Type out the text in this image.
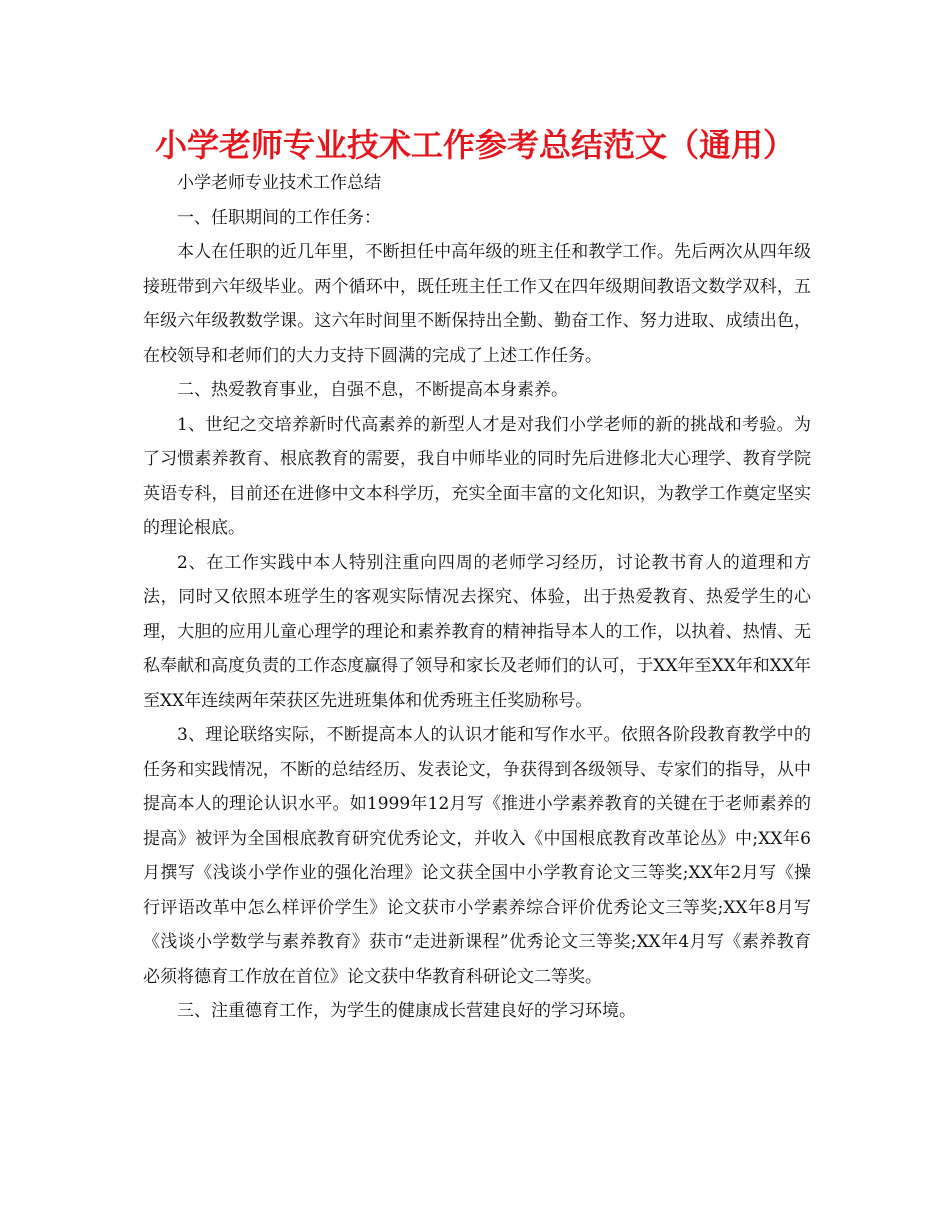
小学老师专业技术工作参考总结范文（通用）

小学老师专业技术工作总结

一、任职期间的工作任务：

本人在任职的近几年里，不断担任中高年级的班主任和教学工作。先后两次从四年级接班带到六年级毕业。两个循环中，既任班主任工作又在四年级期间教语文数学双科，五年级六年级教数学课。这六年时间里不断保持出全勤、勤奋工作、努力进取、成绩出色，在校领导和老师们的大力支持下圆满的完成了上述工作任务。

二、热爱教育事业，自强不息，不断提高本身素养。

1、世纪之交培养新时代高素养的新型人才是对我们小学老师的新的挑战和考验。为了习惯素养教育、根底教育的需要，我自中师毕业的同时先后进修北大心理学、教育学院英语专科，目前还在进修中文本科学历，充实全面丰富的文化知识，为教学工作奠定坚实的理论根底。

2、在工作实践中本人特别注重向四周的老师学习经历，讨论教书育人的道理和方法，同时又依照本班学生的客观实际情况去探究、体验，出于热爱教育、热爱学生的心理，大胆的应用儿童心理学的理论和素养教育的精神指导本人的工作，以执着、热情、无私奉献和高度负责的工作态度赢得了领导和家长及老师们的认可，于XX年至XX年和XX年至XX年连续两年荣获区先进班集体和优秀班主任奖励称号。

3、理论联络实际，不断提高本人的认识才能和写作水平。依照各阶段教育教学中的任务和实践情况，不断的总结经历、发表论文，争获得到各级领导、专家们的指导，从中提高本人的理论认识水平。如1999年12月写《推进小学素养教育的关键在于老师素养的提高》被评为全国根底教育研究优秀论文，并收入《中国根底教育改革论丛》中;XX年6月撰写《浅谈小学作业的强化治理》论文获全国中小学教育论文三等奖;XX年2月写《操行评语改革中怎么样评价学生》论文获市小学素养综合评价优秀论文三等奖;XX年8月写《浅谈小学数学与素养教育》获市“走进新课程”优秀论文三等奖;XX年4月写《素养教育必须将德育工作放在首位》论文获中华教育科研论文二等奖。

三、注重德育工作，为学生的健康成长营建良好的学习环境。
